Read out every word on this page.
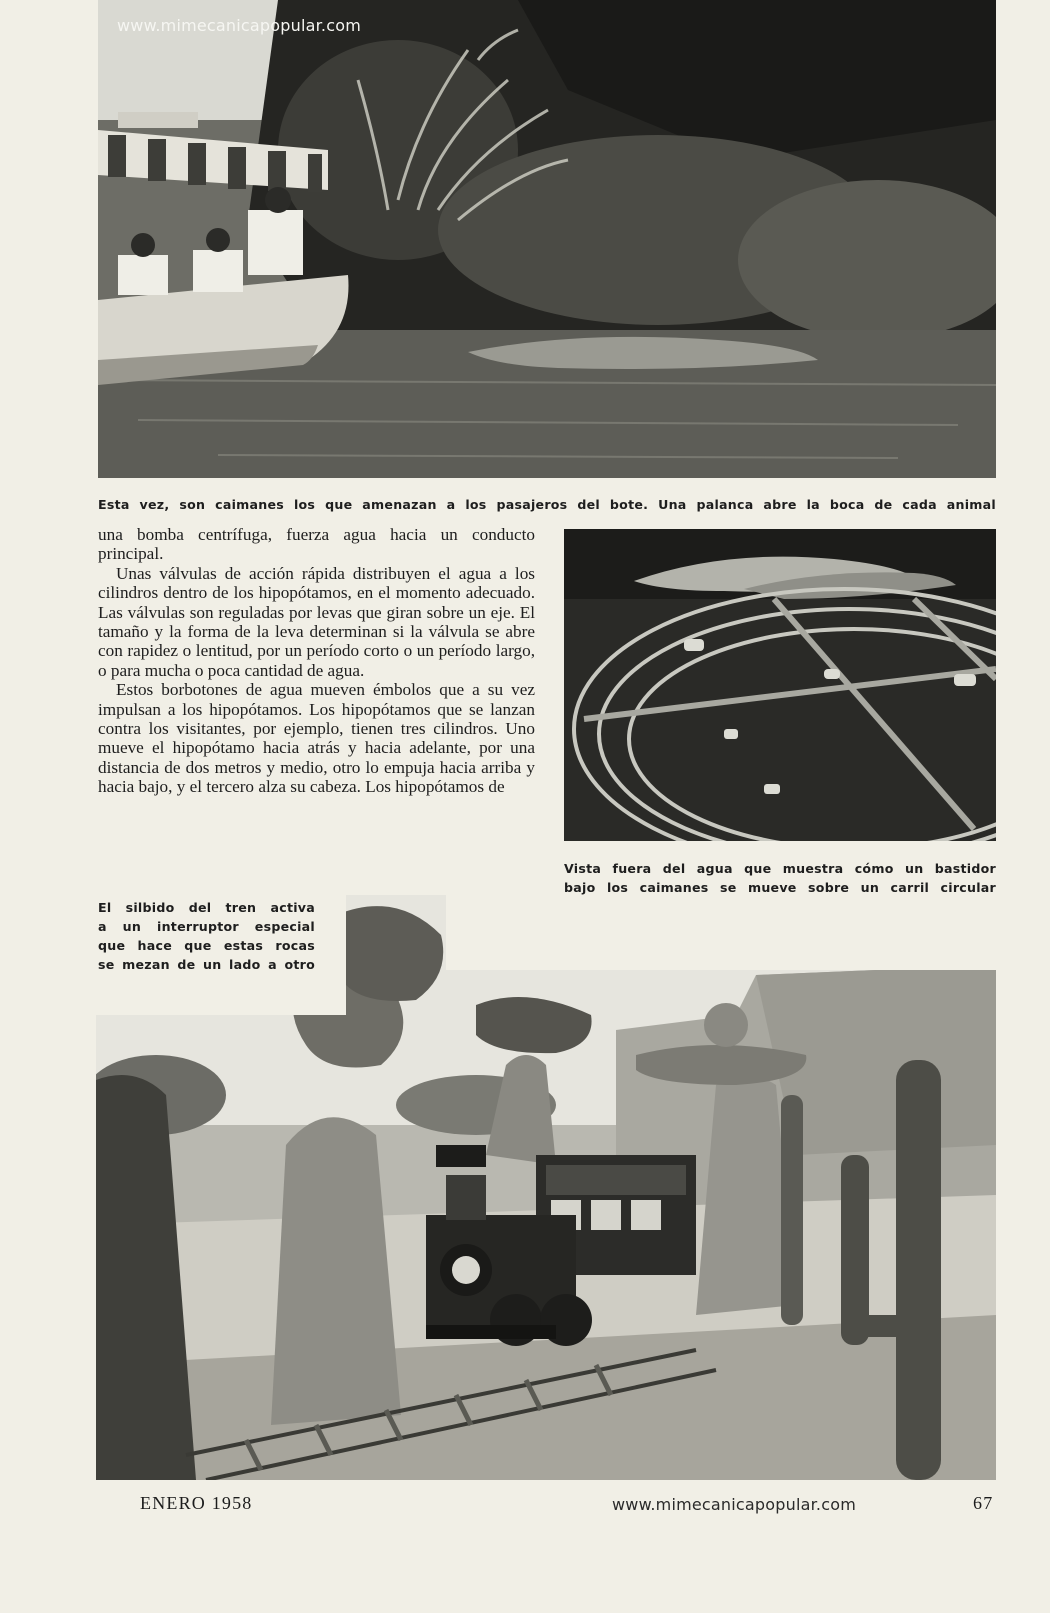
www.mimecanicapopular.com
Esta vez, son caimanes los que amenazan a los pasajeros del bote. Una palanca abre la boca de cada animal

una bomba centrífuga, fuerza agua hacia un conducto principal.

Unas válvulas de acción rápida distribuyen el agua a los cilindros dentro de los hipopótamos, en el momento adecuado. Las válvulas son reguladas por levas que giran sobre un eje. El tamaño y la forma de la leva determinan si la válvula se abre con rapidez o lentitud, por un período corto o un período largo, o para mucha o poca cantidad de agua.

Estos borbotones de agua mueven émbolos que a su vez impulsan a los hipopótamos. Los hipopótamos que se lanzan contra los visitantes, por ejemplo, tienen tres cilindros. Uno mueve el hipopótamo hacia atrás y hacia adelante, por una distancia de dos metros y medio, otro lo empuja hacia arriba y hacia bajo, y el tercero alza su cabeza. Los hipopótamos de

Vista fuera del agua que muestra cómo un bastidor
bajo los caimanes se mueve sobre un carril circular
El silbido del tren activa
a un interruptor especial
que hace que estas rocas
se mezan de un lado a otro
ENERO 1958	www.mimecanicapopular.com	67
